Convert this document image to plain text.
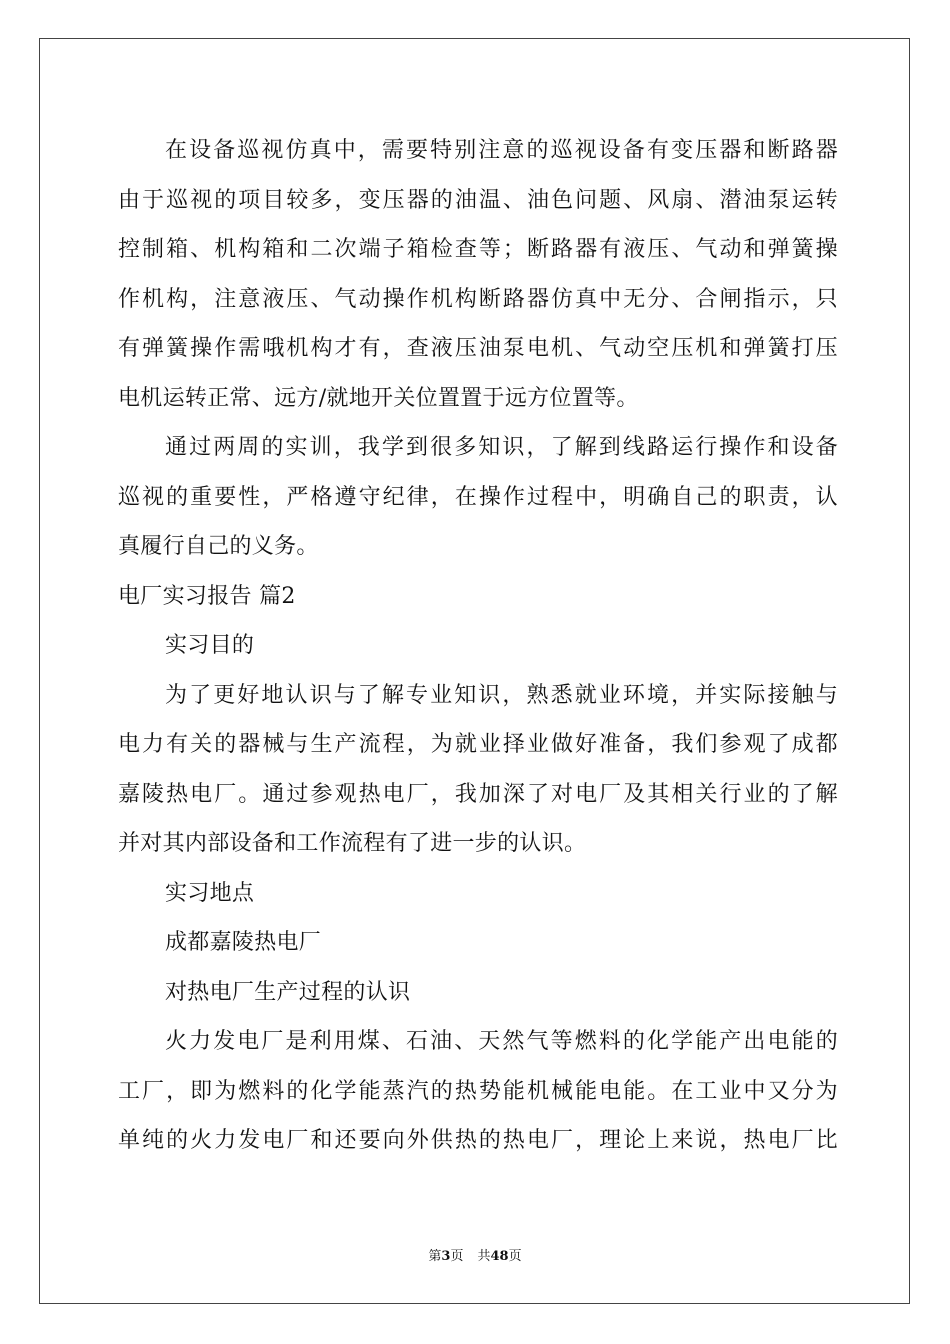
在设备巡视仿真中，需要特别注意的巡视设备有变压器和断路器
由于巡视的项目较多，变压器的油温、油色问题、风扇、潜油泵运转
控制箱、机构箱和二次端子箱检查等；断路器有液压、气动和弹簧操
作机构，注意液压、气动操作机构断路器仿真中无分、合闸指示，只
有弹簧操作需哦机构才有，查液压油泵电机、气动空压机和弹簧打压
电机运转正常、远方/就地开关位置置于远方位置等。
通过两周的实训，我学到很多知识，了解到线路运行操作和设备
巡视的重要性，严格遵守纪律，在操作过程中，明确自己的职责，认
真履行自己的义务。
电厂实习报告 篇2
实习目的
为了更好地认识与了解专业知识，熟悉就业环境，并实际接触与
电力有关的器械与生产流程，为就业择业做好准备，我们参观了成都
嘉陵热电厂。通过参观热电厂，我加深了对电厂及其相关行业的了解
并对其内部设备和工作流程有了进一步的认识。
实习地点
成都嘉陵热电厂
对热电厂生产过程的认识
火力发电厂是利用煤、石油、天然气等燃料的化学能产出电能的
工厂，即为燃料的化学能蒸汽的热势能机械能电能。在工业中又分为
单纯的火力发电厂和还要向外供热的热电厂，理论上来说，热电厂比
第3页 共48页
